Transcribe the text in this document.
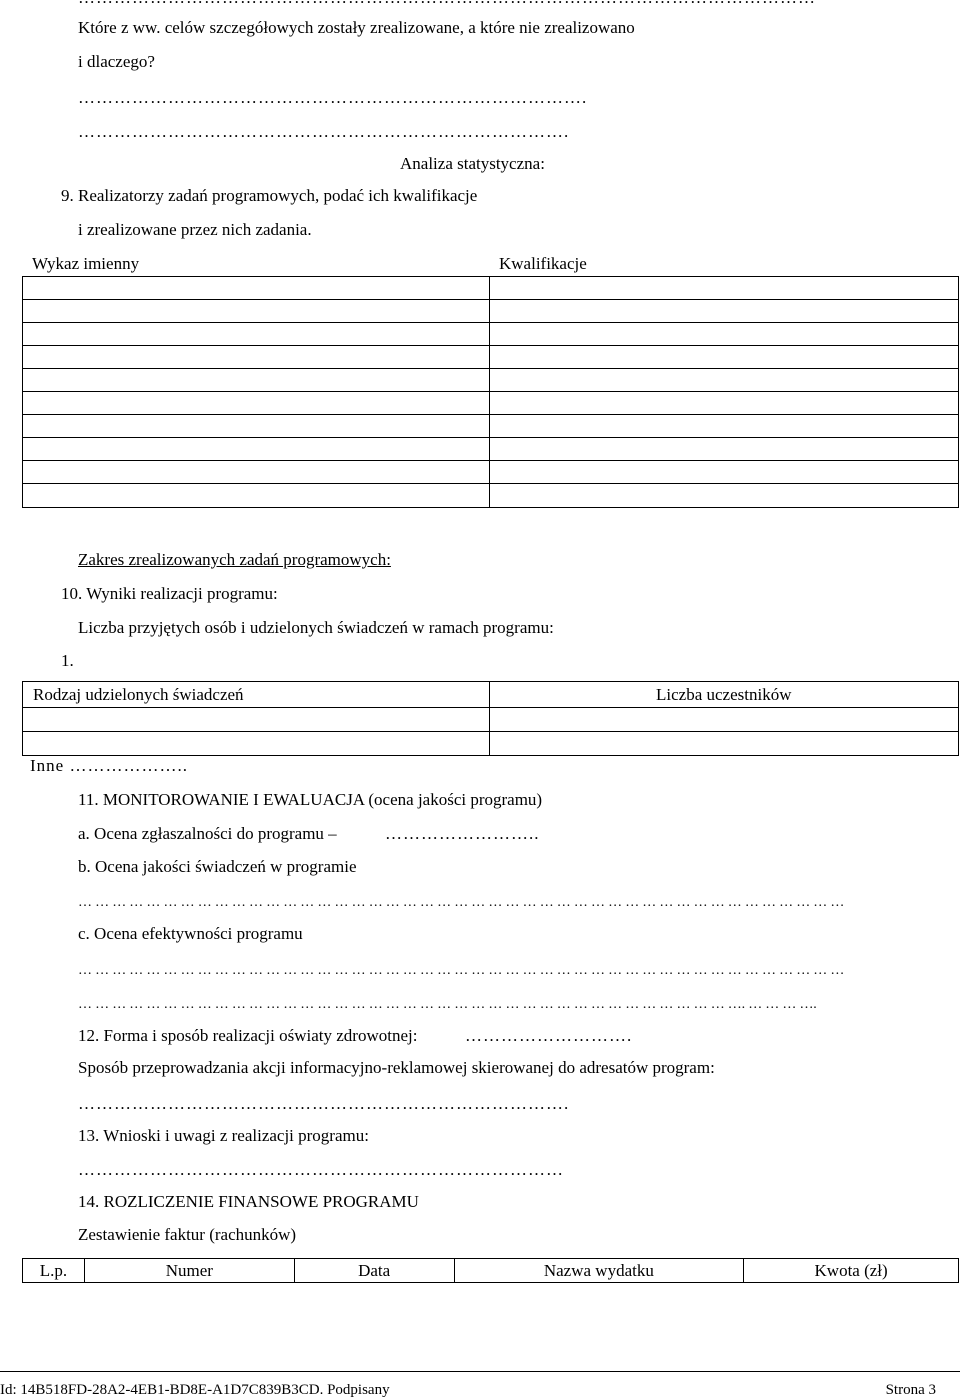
Które z ww. celów szczegółowych zostały zrealizowane, a które nie zrealizowano
i dlaczego?
………………………………………………………………………….
……………………………………………………………………….
Analiza statystyczna:
9. Realizatorzy zadań programowych, podać ich kwalifikacje
i zrealizowane przez nich zadania.
Wykaz imienny	Kwalifikacje

Zakres zrealizowanych zadań programowych:
10. Wyniki realizacji programu:
Liczba przyjętych osób i udzielonych świadczeń w ramach programu:
1.
Rodzaj udzielonych świadczeń	Liczba uczestników

Inne ………………..
11. MONITOROWANIE I EWALUACJA (ocena jakości programu)
a. Ocena zgłaszalności do programu –	……………………..
b. Ocena jakości świadczeń w programie
… … … … … … … … … … … … … … … … … … … … … … … … … … … … … … … … … … … … … … … … … … … … …
c. Ocena efektywności programu
… … … … … … … … … … … … … … … … … … … … … … … … … … … … … … … … … … … … … … … … … … … … …
… … … … … … … … … … … … … … … … … … … … … … … … … … … … … … … … … … … … … … …. … … … ….
12. Forma i sposób realizacji oświaty zdrowotnej:	……………………….
Sposób przeprowadzania akcji informacyjno-reklamowej skierowanej do adresatów program:
……………………………………………………………………….
13. Wnioski i uwagi z realizacji programu:
………………………………………………………………………
14. ROZLICZENIE FINANSOWE PROGRAMU
Zestawienie faktur (rachunków)
L.p.	Numer	Data	Nazwa wydatku	Kwota (zł)
Id: 14B518FD-28A2-4EB1-BD8E-A1D7C839B3CD. Podpisany	Strona 3
